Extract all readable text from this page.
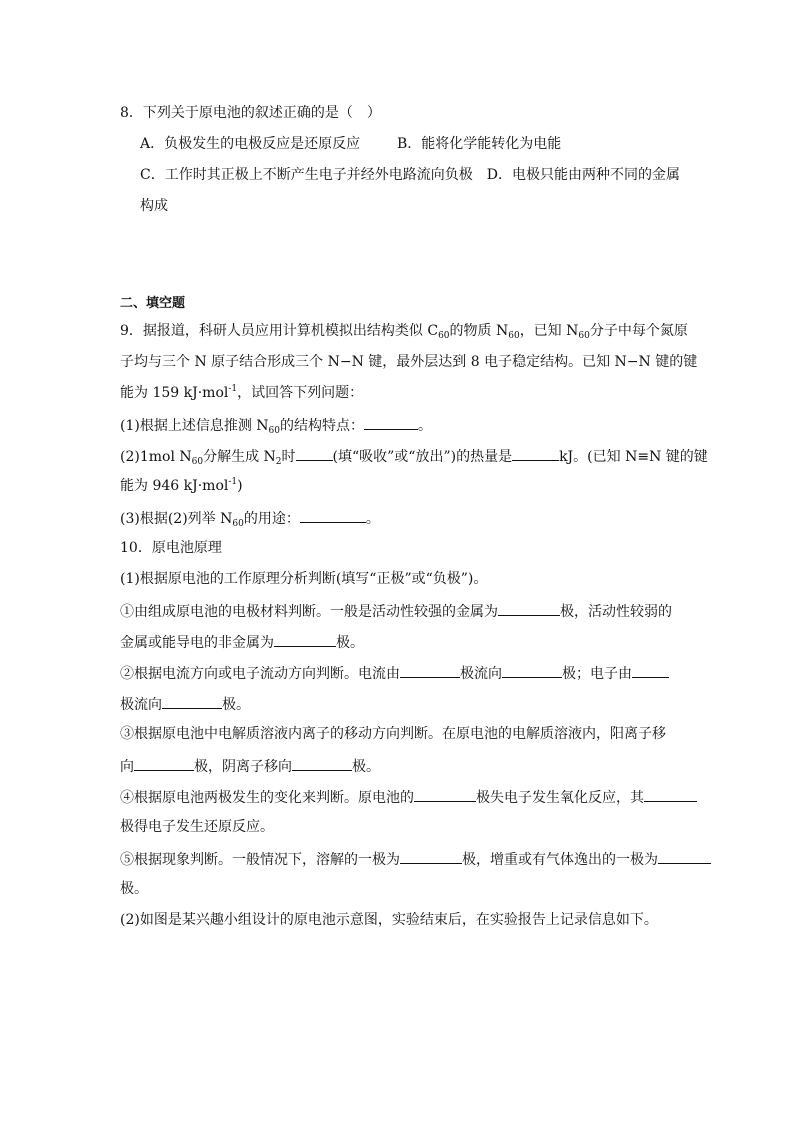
8．下列关于原电池的叙述正确的是（　）
A．负极发生的电极反应是还原反应	B．能将化学能转化为电能
C．工作时其正极上不断产生电子并经外电路流向负极 D．电极只能由两种不同的金属
构成
二、填空题
9．据报道，科研人员应用计算机模拟出结构类似 $C_{60}$的物质 $N_{60}$，已知 $N_{60}$分子中每个氮原
子均与三个 N 原子结合形成三个 N−N 键，最外层达到 8 电子稳定结构。已知 N−N 键的键
能为 159 kJ·mol$^{-1}$，试回答下列问题：
(1)根据上述信息推测 $N_{60}$的结构特点：	。
(2)1mol $N_{60}$分解生成 $N_2$时	(填“吸收”或“放出”)的热量是	kJ。(已知 N≡N 键的键
能为 946 kJ·mol$^{-1}$)
(3)根据(2)列举 $N_{60}$的用途：	。
10．原电池原理
(1)根据原电池的工作原理分析判断(填写“正极”或“负极”)。
①由组成原电池的电极材料判断。一般是活动性较强的金属为	极，活动性较弱的
金属或能导电的非金属为	极。
②根据电流方向或电子流动方向判断。电流由	极流向	极；电子由
极流向	极。
③根据原电池中电解质溶液内离子的移动方向判断。在原电池的电解质溶液内，阳离子移
向	极，阴离子移向	极。
④根据原电池两极发生的变化来判断。原电池的	极失电子发生氧化反应，其
极得电子发生还原反应。
⑤根据现象判断。一般情况下，溶解的一极为	极，增重或有气体逸出的一极为
极。
(2)如图是某兴趣小组设计的原电池示意图，实验结束后，在实验报告上记录信息如下。
